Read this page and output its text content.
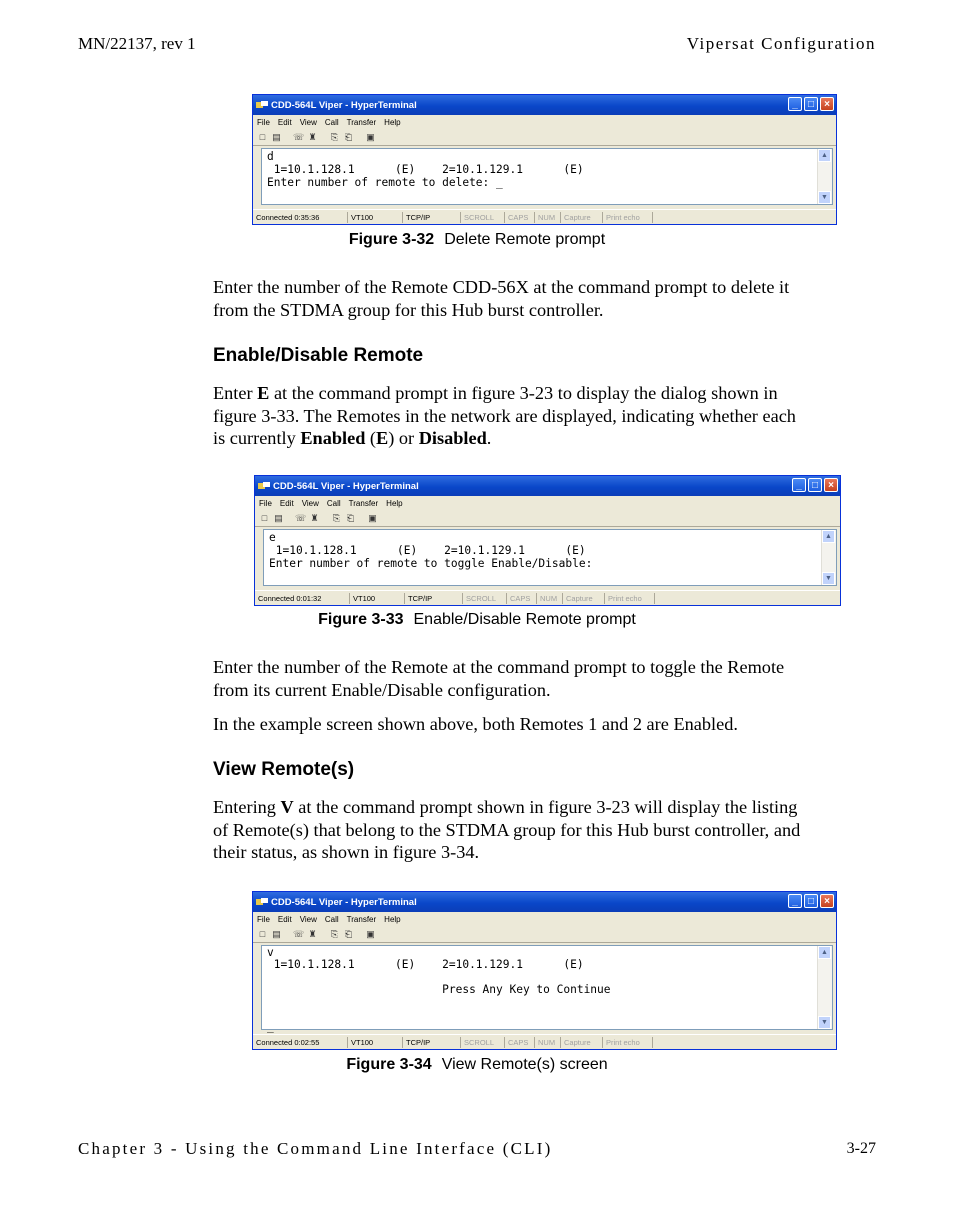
MN/22137, rev 1	Vipersat Configuration
CDD-564L Viper - HyperTerminal	_	□	×
File Edit View Call Transfer Help
□ ▤ ☏ ♜ ⎘ ⎗ ▣
d
1=10.1.128.1      (E)    2=10.1.129.1      (E)
Enter number of remote to delete: _
▲
▼
Connected 0:35:36	VT100	TCP/IP	SCROLL	CAPS	NUM	Capture	Print echo
Figure 3-32 Delete Remote prompt
Enter the number of the Remote CDD-56X at the command prompt to delete it
from the STDMA group for this Hub burst controller.
Enable/Disable Remote
Enter E at the command prompt in figure 3-23 to display the dialog shown in
figure 3-33. The Remotes in the network are displayed, indicating whether each
is currently Enabled (E) or Disabled.
CDD-564L Viper - HyperTerminal	_	□	×
File Edit View Call Transfer Help
□ ▤ ☏ ♜ ⎘ ⎗ ▣
e
1=10.1.128.1      (E)    2=10.1.129.1      (E)
Enter number of remote to toggle Enable/Disable:
▲
▼
Connected 0:01:32	VT100	TCP/IP	SCROLL	CAPS	NUM	Capture	Print echo
Figure 3-33 Enable/Disable Remote prompt
Enter the number of the Remote at the command prompt to toggle the Remote
from its current Enable/Disable configuration.
In the example screen shown above, both Remotes 1 and 2 are Enabled.
View Remote(s)
Entering V at the command prompt shown in figure 3-23 will display the listing
of Remote(s) that belong to the STDMA group for this Hub burst controller, and
their status, as shown in figure 3-34.
CDD-564L Viper - HyperTerminal	_	□	×
File Edit View Call Transfer Help
□ ▤ ☏ ♜ ⎘ ⎗ ▣
v
1=10.1.128.1      (E)    2=10.1.129.1      (E)
Press Any Key to Continue
_
▲
▼
Connected 0:02:55	VT100	TCP/IP	SCROLL	CAPS	NUM	Capture	Print echo
Figure 3-34 View Remote(s) screen
Chapter 3 - Using the Command Line Interface (CLI)	3-27
